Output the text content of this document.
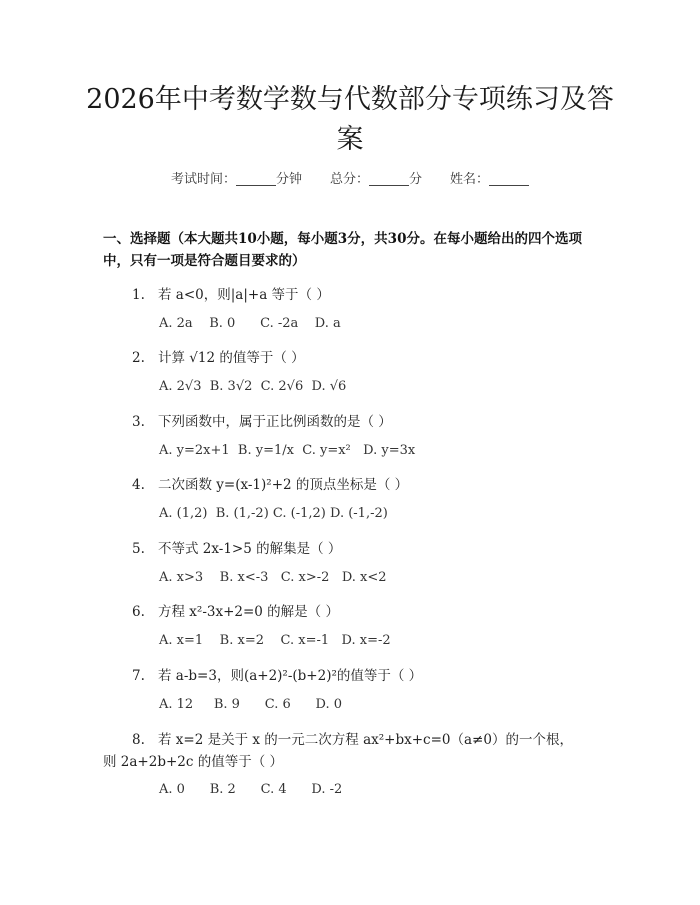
2026年中考数学数与代数部分专项练习及答案
考试时间：	分钟 总分：	分 姓名：
一、选择题（本大题共10小题，每小题3分，共30分。在每小题给出的四个选项中，只有一项是符合题目要求的）
1. 若 a<0，则|a|+a 等于（ ）
A. 2a    B. 0      C. -2a    D. a
2. 计算 √12 的值等于（ ）
A. 2√3  B. 3√2  C. 2√6  D. √6
3. 下列函数中，属于正比例函数的是（ ）
A. y=2x+1  B. y=1/x  C. y=x²   D. y=3x
4. 二次函数 y=(x-1)²+2 的顶点坐标是（ ）
A. (1,2)  B. (1,-2) C. (-1,2) D. (-1,-2)
5. 不等式 2x-1>5 的解集是（ ）
A. x>3    B. x<-3   C. x>-2   D. x<2
6. 方程 x²-3x+2=0 的解是（ ）
A. x=1    B. x=2    C. x=-1   D. x=-2
7. 若 a-b=3，则(a+2)²-(b+2)²的值等于（ ）
A. 12     B. 9      C. 6      D. 0
8. 若 x=2 是关于 x 的一元二次方程 ax²+bx+c=0（a≠0）的一个根，则 2a+2b+2c 的值等于（ ）
A. 0      B. 2      C. 4      D. -2
